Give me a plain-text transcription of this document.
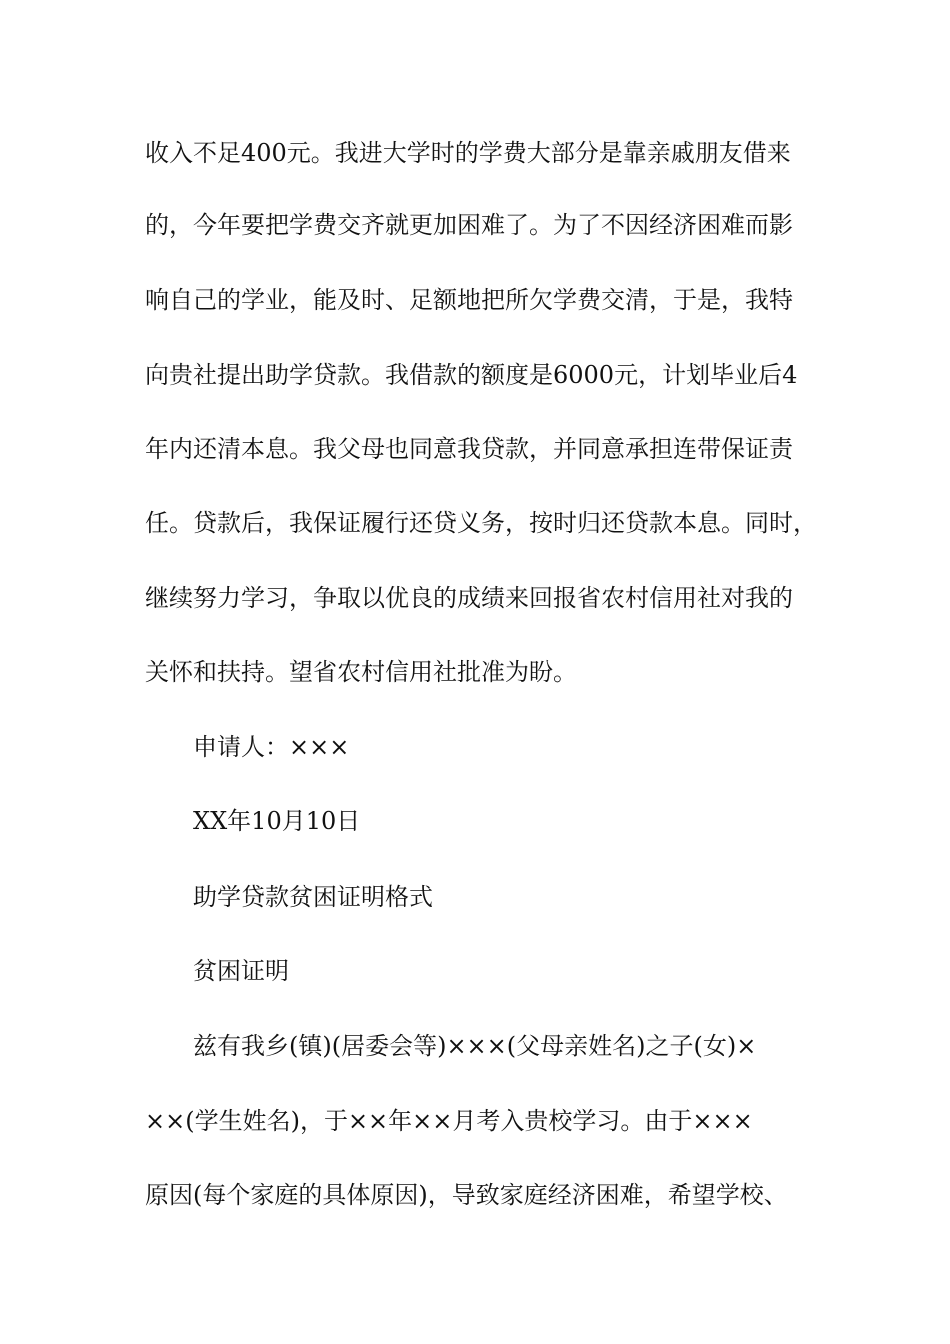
收入不足400元。我进大学时的学费大部分是靠亲戚朋友借来
的，今年要把学费交齐就更加困难了。为了不因经济困难而影
响自己的学业，能及时、足额地把所欠学费交清，于是，我特
向贵社提出助学贷款。我借款的额度是6000元，计划毕业后4
年内还清本息。我父母也同意我贷款，并同意承担连带保证责
任。贷款后，我保证履行还贷义务，按时归还贷款本息。同时，
继续努力学习，争取以优良的成绩来回报省农村信用社对我的
关怀和扶持。望省农村信用社批准为盼。
申请人：×××
XX年10月10日
助学贷款贫困证明格式
贫困证明
兹有我乡(镇)(居委会等)×××(父母亲姓名)之子(女)×
××(学生姓名)，于××年××月考入贵校学习。由于×××
原因(每个家庭的具体原因)，导致家庭经济困难，希望学校、
